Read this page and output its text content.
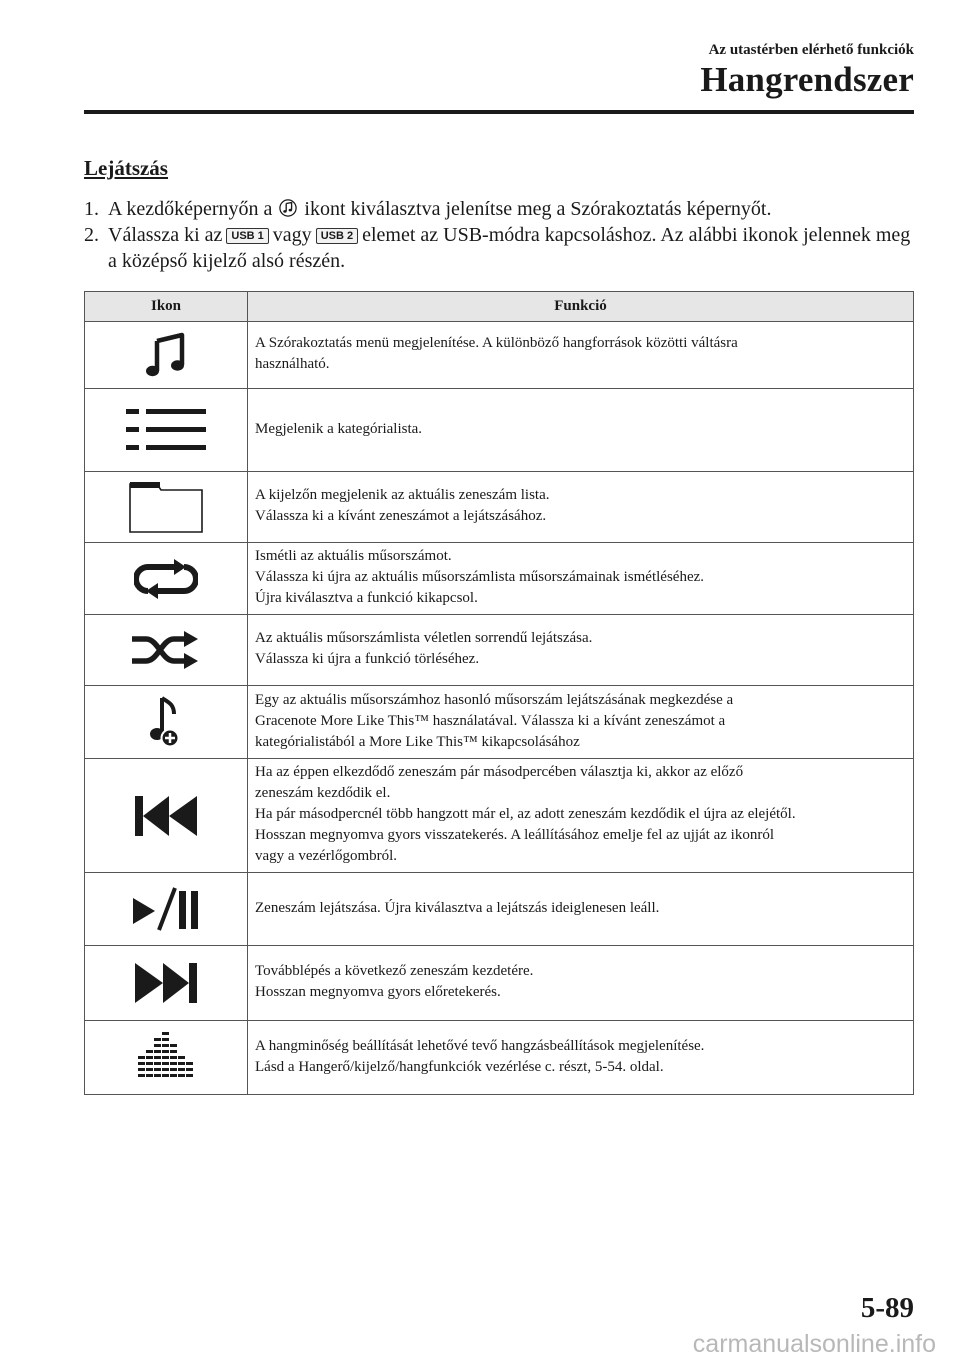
Az utastérben elérhető funkciók
Hangrendszer
Lejátszás
1. A kezdőképernyőn a ikont kiválasztva jelenítse meg a Szórakoztatás képernyőt.
2. Válassza ki az USB 1 vagy USB 2 elemet az USB-módra kapcsoláshoz. Az alábbi ikonok jelennek meg a középső kijelző alsó részén.
Ikon	Funkció

A Szórakoztatás menü megjelenítése. A különböző hangforrások közötti váltásra
használható.

Megjelenik a kategórialista.

A kijelzőn megjelenik az aktuális zeneszám lista.
Válassza ki a kívánt zeneszámot a lejátszásához.

Ismétli az aktuális műsorszámot.
Válassza ki újra az aktuális műsorszámlista műsorszámainak ismétléséhez.
Újra kiválasztva a funkció kikapcsol.

Az aktuális műsorszámlista véletlen sorrendű lejátszása.
Válassza ki újra a funkció törléséhez.

Egy az aktuális műsorszámhoz hasonló műsorszám lejátszásának megkezdése a
Gracenote More Like This™ használatával. Válassza ki a kívánt zeneszámot a
kategórialistából a More Like This™ kikapcsolásához

Ha az éppen elkezdődő zeneszám pár másodpercében választja ki, akkor az előző
zeneszám kezdődik el.
Ha pár másodpercnél több hangzott már el, az adott zeneszám kezdődik el újra az elejétől.
Hosszan megnyomva gyors visszatekerés. A leállításához emelje fel az ujját az ikonról
vagy a vezérlőgombról.

Zeneszám lejátszása. Újra kiválasztva a lejátszás ideiglenesen leáll.

Továbblépés a következő zeneszám kezdetére.
Hosszan megnyomva gyors előretekerés.

A hangminőség beállítását lehetővé tevő hangzásbeállítások megjelenítése.
Lásd a Hangerő/kijelző/hangfunkciók vezérlése c. részt, 5-54. oldal.
5-89
carmanualsonline.info
